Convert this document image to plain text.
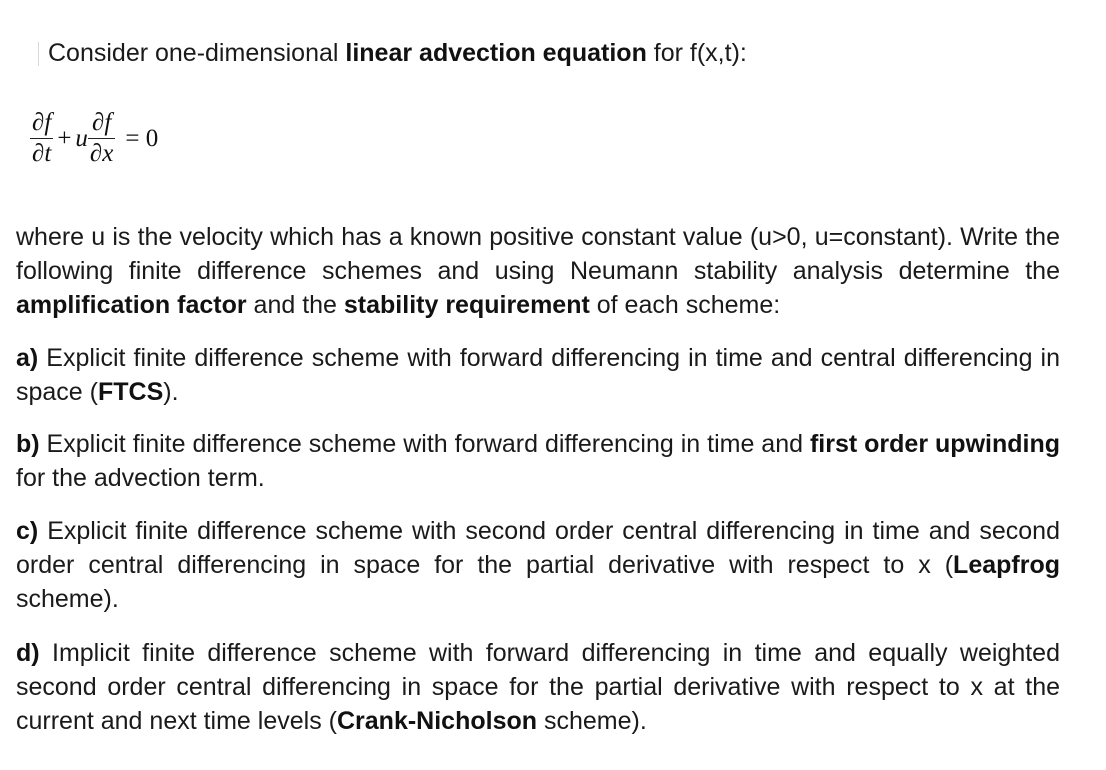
Consider one-dimensional linear advection equation for f(x,t):
$\frac{\partial f}{\partial t} + u \frac{\partial f}{\partial x} = 0$
where u is the velocity which has a known positive constant value (u>0, u=constant). Write the following finite difference schemes and using Neumann stability analysis determine the amplification factor and the stability requirement of each scheme:
a) Explicit finite difference scheme with forward differencing in time and central differencing in space (FTCS).
b) Explicit finite difference scheme with forward differencing in time and first order upwinding for the advection term.
c) Explicit finite difference scheme with second order central differencing in time and second order central differencing in space for the partial derivative with respect to x (Leapfrog scheme).
d) Implicit finite difference scheme with forward differencing in time and equally weighted second order central differencing in space for the partial derivative with respect to x at the current and next time levels (Crank-Nicholson scheme).
